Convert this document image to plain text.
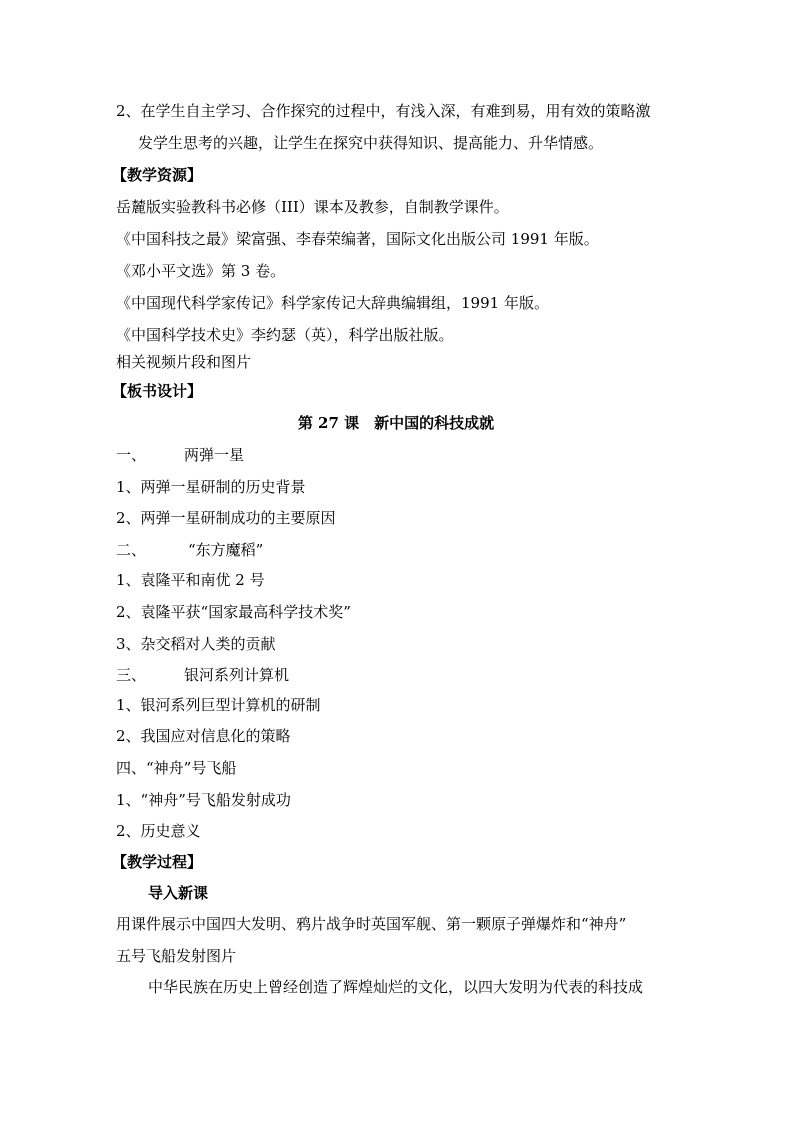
2、在学生自主学习、合作探究的过程中，有浅入深，有难到易，用有效的策略激
发学生思考的兴趣，让学生在探究中获得知识、提高能力、升华情感。
【教学资源】
岳麓版实验教科书必修（III）课本及教参，自制教学课件。
《中国科技之最》梁富强、李春荣编著，国际文化出版公司 1991 年版。
《邓小平文选》第 3 卷。
《中国现代科学家传记》科学家传记大辞典编辑组，1991 年版。
《中国科学技术史》李约瑟（英），科学出版社版。
相关视频片段和图片
【板书设计】
第 27 课　新中国的科技成就
一、	两弹一星
1、两弹一星研制的历史背景
2、两弹一星研制成功的主要原因
二、	“东方魔稻”
1、袁隆平和南优 2 号
2、袁隆平获“国家最高科学技术奖”
3、杂交稻对人类的贡献
三、	银河系列计算机
1、银河系列巨型计算机的研制
2、我国应对信息化的策略
四、“神舟”号飞船
1、“神舟”号飞船发射成功
2、历史意义
【教学过程】
导入新课
用课件展示中国四大发明、鸦片战争时英国军舰、第一颗原子弹爆炸和“神舟”
五号飞船发射图片
中华民族在历史上曾经创造了辉煌灿烂的文化，以四大发明为代表的科技成
